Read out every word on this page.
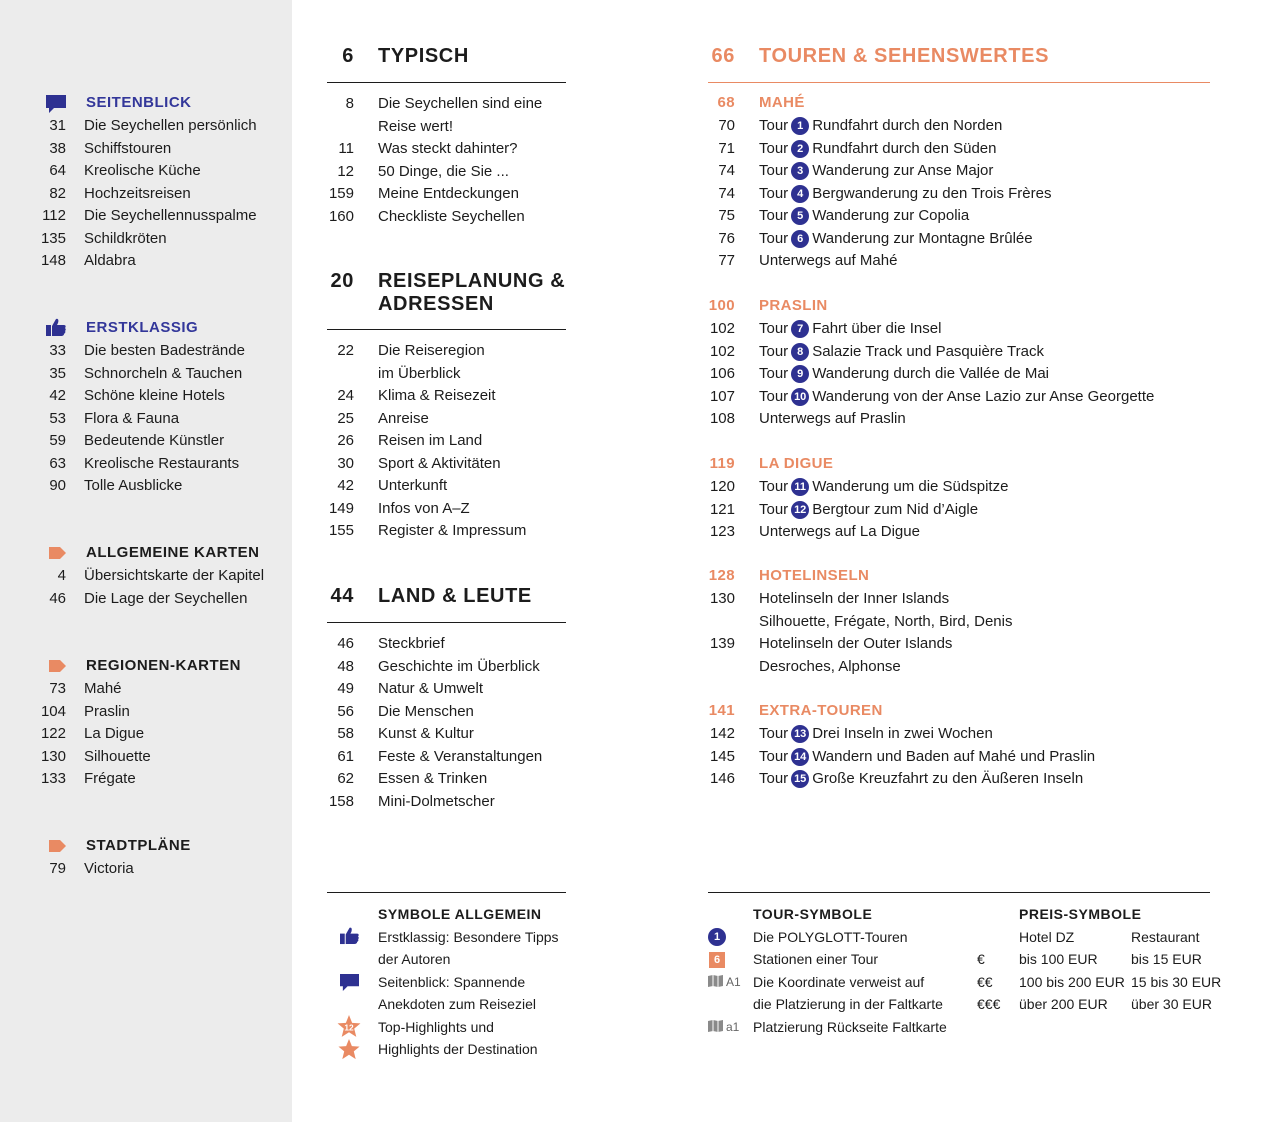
SEITENBLICK
31 Die Seychellen persönlich
38 Schiffstouren
64 Kreolische Küche
82 Hochzeitsreisen
112 Die Seychellennusspalme
135 Schildkröten
148 Aldabra
ERSTKLASSIG
33 Die besten Badestrände
35 Schnorcheln & Tauchen
42 Schöne kleine Hotels
53 Flora & Fauna
59 Bedeutende Künstler
63 Kreolische Restaurants
90 Tolle Ausblicke
ALLGEMEINE KARTEN
4 Übersichtskarte der Kapitel
46 Die Lage der Seychellen
REGIONEN-KARTEN
73 Mahé
104 Praslin
122 La Digue
130 Silhouette
133 Frégate
STADTPLÄNE
79 Victoria
6 TYPISCH
8 Die Seychellen sind eine
Reise wert!
11 Was steckt dahinter?
12 50 Dinge, die Sie ...
159 Meine Entdeckungen
160 Checkliste Seychellen
20 REISEPLANUNG &
ADRESSEN
22 Die Reiseregion
im Überblick
24 Klima & Reisezeit
25 Anreise
26 Reisen im Land
30 Sport & Aktivitäten
42 Unterkunft
149 Infos von A–Z
155 Register & Impressum
44 LAND & LEUTE
46 Steckbrief
48 Geschichte im Überblick
49 Natur & Umwelt
56 Die Menschen
58 Kunst & Kultur
61 Feste & Veranstaltungen
62 Essen & Trinken
158 Mini-Dolmetscher
66 TOUREN & SEHENSWERTES
68 MAHÉ
70 Tour 1 Rundfahrt durch den Norden
71 Tour 2 Rundfahrt durch den Süden
74 Tour 3 Wanderung zur Anse Major
74 Tour 4 Bergwanderung zu den Trois Frères
75 Tour 5 Wanderung zur Copolia
76 Tour 6 Wanderung zur Montagne Brûlée
77 Unterwegs auf Mahé
100 PRASLIN
102 Tour 7 Fahrt über die Insel
102 Tour 8 Salazie Track und Pasquière Track
106 Tour 9 Wanderung durch die Vallée de Mai
107 Tour 10 Wanderung von der Anse Lazio zur Anse Georgette
108 Unterwegs auf Praslin
119 LA DIGUE
120 Tour 11 Wanderung um die Südspitze
121 Tour 12 Bergtour zum Nid d’Aigle
123 Unterwegs auf La Digue
128 HOTELINSELN
130 Hotelinseln der Inner Islands
Silhouette, Frégate, North, Bird, Denis
139 Hotelinseln der Outer Islands
Desroches, Alphonse
141 EXTRA-TOUREN
142 Tour 13 Drei Inseln in zwei Wochen
145 Tour 14 Wandern und Baden auf Mahé und Praslin
146 Tour 15 Große Kreuzfahrt zu den Äußeren Inseln
SYMBOLE ALLGEMEIN
Erstklassig: Besondere Tipps
der Autoren
Seitenblick: Spannende
Anekdoten zum Reiseziel
12 Top-Highlights und
Highlights der Destination
TOUR-SYMBOLE
1	Die POLYGLOTT-Touren
6	Stationen einer Tour
A1 Die Koordinate verweist auf
die Platzierung in der Faltkarte
a1 Platzierung Rückseite Faltkarte
PREIS-SYMBOLE
Hotel DZ	Restaurant
€ bis 100 EUR bis 15 EUR
€€ 100 bis 200 EUR 15 bis 30 EUR
€€€ über 200 EUR über 30 EUR
